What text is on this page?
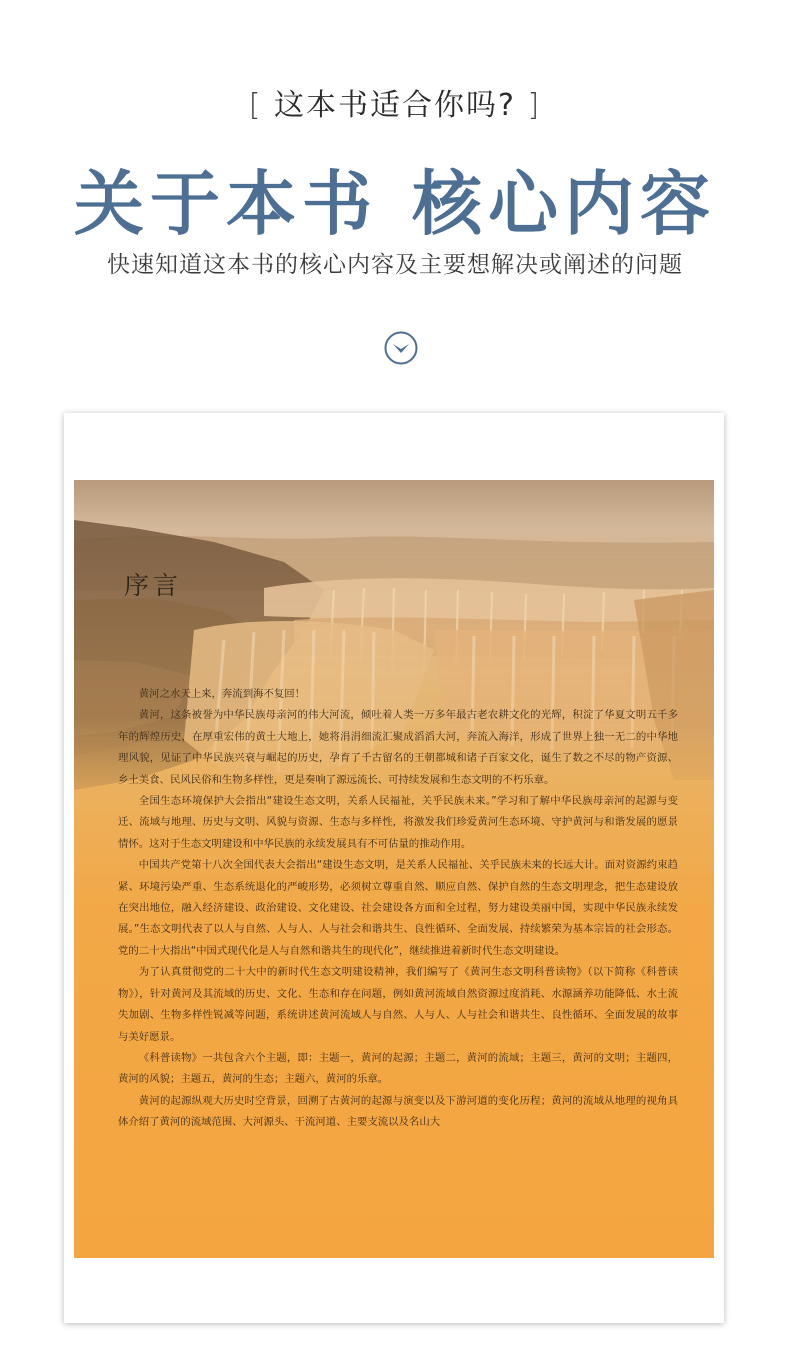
[ 这本书适合你吗? ]
关于本书 核心内容
快速知道这本书的核心内容及主要想解决或阐述的问题
序言

黄河之水天上来，奔流到海不复回！

黄河，这条被誉为中华民族母亲河的伟大河流，倾吐着人类一万多年最古老农耕文化的光辉，积淀了华夏文明五千多年的辉煌历史，在厚重宏伟的黄土大地上，她将涓涓细流汇聚成滔滔大河，奔流入海洋，形成了世界上独一无二的中华地理风貌，见证了中华民族兴衰与崛起的历史，孕育了千古留名的王朝都城和诸子百家文化，诞生了数之不尽的物产资源、乡土美食、民风民俗和生物多样性，更是奏响了源远流长、可持续发展和生态文明的不朽乐章。

全国生态环境保护大会指出“建设生态文明，关系人民福祉，关乎民族未来。”学习和了解中华民族母亲河的起源与变迁、流域与地理、历史与文明、风貌与资源、生态与多样性，将激发我们珍爱黄河生态环境、守护黄河与和谐发展的愿景情怀。这对于生态文明建设和中华民族的永续发展具有不可估量的推动作用。

中国共产党第十八次全国代表大会指出“建设生态文明，是关系人民福祉、关乎民族未来的长远大计。面对资源约束趋紧、环境污染严重、生态系统退化的严峻形势，必须树立尊重自然、顺应自然、保护自然的生态文明理念，把生态建设放在突出地位，融入经济建设、政治建设、文化建设、社会建设各方面和全过程，努力建设美丽中国，实现中华民族永续发展。”生态文明代表了以人与自然、人与人、人与社会和谐共生、良性循环、全面发展、持续繁荣为基本宗旨的社会形态。党的二十大指出“中国式现代化是人与自然和谐共生的现代化”，继续推进着新时代生态文明建设。

为了认真贯彻党的二十大中的新时代生态文明建设精神，我们编写了《黄河生态文明科普读物》（以下简称《科普读物》），针对黄河及其流域的历史、文化、生态和存在问题，例如黄河流域自然资源过度消耗、水源涵养功能降低、水土流失加剧、生物多样性锐减等问题，系统讲述黄河流域人与自然、人与人、人与社会和谐共生、良性循环、全面发展的故事与美好愿景。

《科普读物》一共包含六个主题，即：主题一，黄河的起源；主题二，黄河的流域；主题三，黄河的文明；主题四，黄河的风貌；主题五，黄河的生态；主题六，黄河的乐章。

黄河的起源纵观大历史时空背景，回溯了古黄河的起源与演变以及下游河道的变化历程；黄河的流域从地理的视角具体介绍了黄河的流域范围、大河源头、干流河道、主要支流以及名山大
